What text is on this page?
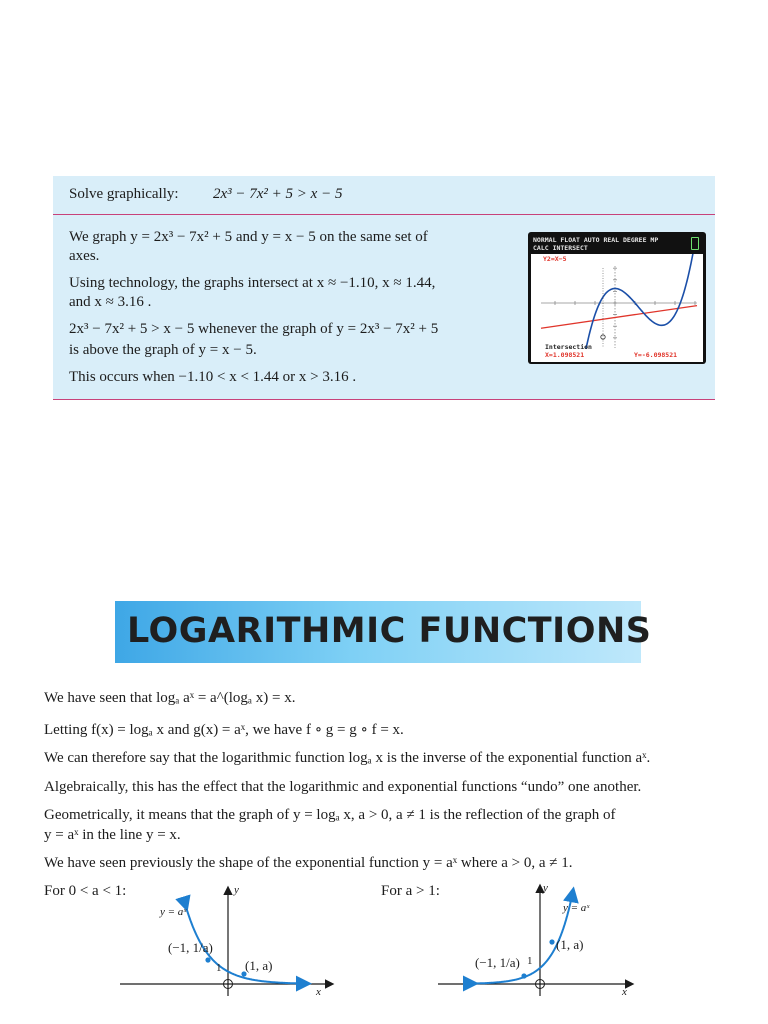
Solve graphically: 2x³ − 7x² + 5 > x − 5
We graph y = 2x³ − 7x² + 5 and y = x − 5 on the same set of
axes.
Using technology, the graphs intersect at x ≈ −1.10, x ≈ 1.44,
and x ≈ 3.16 .
2x³ − 7x² + 5 > x − 5 whenever the graph of y = 2x³ − 7x² + 5
is above the graph of y = x − 5.
This occurs when −1.10 < x < 1.44 or x > 3.16 .
NORMAL FLOAT AUTO REAL DEGREE MP
CALC INTERSECT
Y2=X−5
Intersection
X=1.098521	Y=-6.098521
LOGARITHMIC FUNCTIONS
We have seen that logₐ aˣ = a^(logₐ x) = x.
Letting f(x) = logₐ x and g(x) = aˣ, we have f ∘ g = g ∘ f = x.
We can therefore say that the logarithmic function logₐ x is the inverse of the exponential function aˣ.
Algebraically, this has the effect that the logarithmic and exponential functions “undo” one another.
Geometrically, it means that the graph of y = logₐ x, a > 0, a ≠ 1 is the reflection of the graph of
y = aˣ in the line y = x.
We have seen previously the shape of the exponential function y = aˣ where a > 0, a ≠ 1.
For 0 < a < 1:
y = aˣ
(−1, 1/a)
(1, a)
1
y
x
For a > 1:
y = aˣ
(−1, 1/a)
(1, a)
1
y
x
